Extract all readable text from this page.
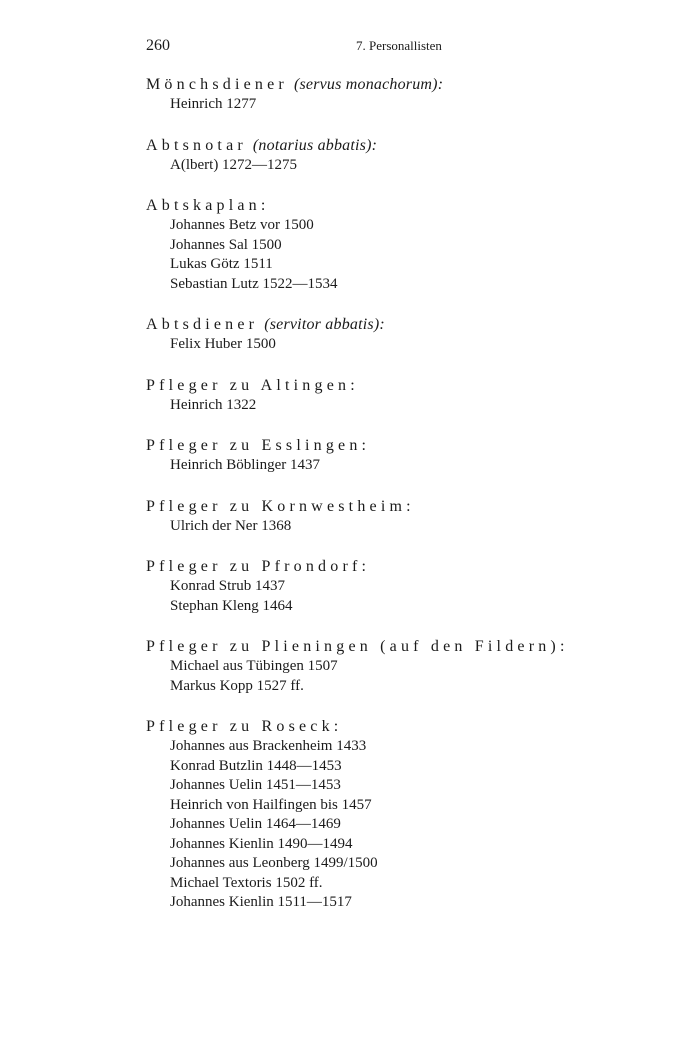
260	7. Personallisten

Mönchsdiener (servus monachorum):

Heinrich 1277

Abtsnotar (notarius abbatis):

A(lbert) 1272—1275

Abtskaplan:

Johannes Betz vor 1500
Johannes Sal 1500
Lukas Götz 1511
Sebastian Lutz 1522—1534

Abtsdiener (servitor abbatis):

Felix Huber 1500

Pfleger zu Altingen:

Heinrich 1322

Pfleger zu Esslingen:

Heinrich Böblinger 1437

Pfleger zu Kornwestheim:

Ulrich der Ner 1368

Pfleger zu Pfrondorf:

Konrad Strub 1437
Stephan Kleng 1464

Pfleger zu Plieningen (auf den Fildern):

Michael aus Tübingen 1507
Markus Kopp 1527 ff.

Pfleger zu Roseck:

Johannes aus Brackenheim 1433
Konrad Butzlin 1448—1453
Johannes Uelin 1451—1453
Heinrich von Hailfingen bis 1457
Johannes Uelin 1464—1469
Johannes Kienlin 1490—1494
Johannes aus Leonberg 1499/1500
Michael Textoris 1502 ff.
Johannes Kienlin 1511—1517
